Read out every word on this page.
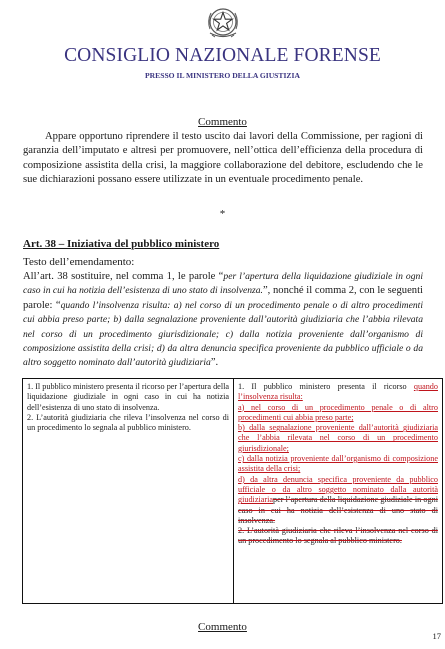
CONSIGLIO NAZIONALE FORENSE
PRESSO IL MINISTERO DELLA GIUSTIZIA
Commento

Appare opportuno riprendere il testo uscito dai lavori della Commissione, per ragioni di garanzia dell’imputato e altresì per promuovere, nell’ottica dell’efficienza della procedura di composizione assistita della crisi, la maggiore collaborazione del debitore, escludendo che le sue dichiarazioni possano essere utilizzate in un eventuale procedimento penale.

*
Art. 38 – Iniziativa del pubblico ministero
Testo dell’emendamento:

All’art. 38 sostituire, nel comma 1, le parole “per l’apertura della liquidazione giudiziale in ogni caso in cui ha notizia dell’esistenza di uno stato di insolvenza.”, nonché il comma 2, con le seguenti parole: “quando l’insolvenza risulta: a) nel corso di un procedimento penale o di altro procedimenti cui abbia preso parte; b) dalla segnalazione proveniente dall’autorità giudiziaria che l’abbia rilevata nel corso di un procedimento giurisdizionale; c) dalla notizia proveniente dall’organismo di composizione assistita della crisi; d) da altra denuncia specifica proveniente da pubblico ufficiale o da altro soggetto nominato dall’autorità giudiziaria”.

1. Il pubblico ministero presenta il ricorso per l’apertura della liquidazione giudiziale in ogni caso in cui ha notizia dell’esistenza di uno stato di insolvenza.

2. L’autorità giudiziaria che rileva l’insolvenza nel corso di un procedimento lo segnala al pubblico ministero.

1. Il pubblico ministero presenta il ricorso quando l’insolvenza risulta:

a) nel corso di un procedimento penale o di altro procedimenti cui abbia preso parte;

b) dalla segnalazione proveniente dall’autorità giudiziaria che l’abbia rilevata nel corso di un procedimento giurisdizionale;

c) dalla notizia proveniente dall’organismo di composizione assistita della crisi;

d) da altra denuncia specifica proveniente da pubblico ufficiale o da altro soggetto nominato dalla autorità giudiziariaper l’apertura della liquidazione giudiziale in ogni caso in cui ha notizia dell’esistenza di uno stato di insolvenza.

2. L’autorità giudiziaria che rileva l’insolvenza nel corso di un procedimento lo segnala al pubblico ministero.

Commento
17
